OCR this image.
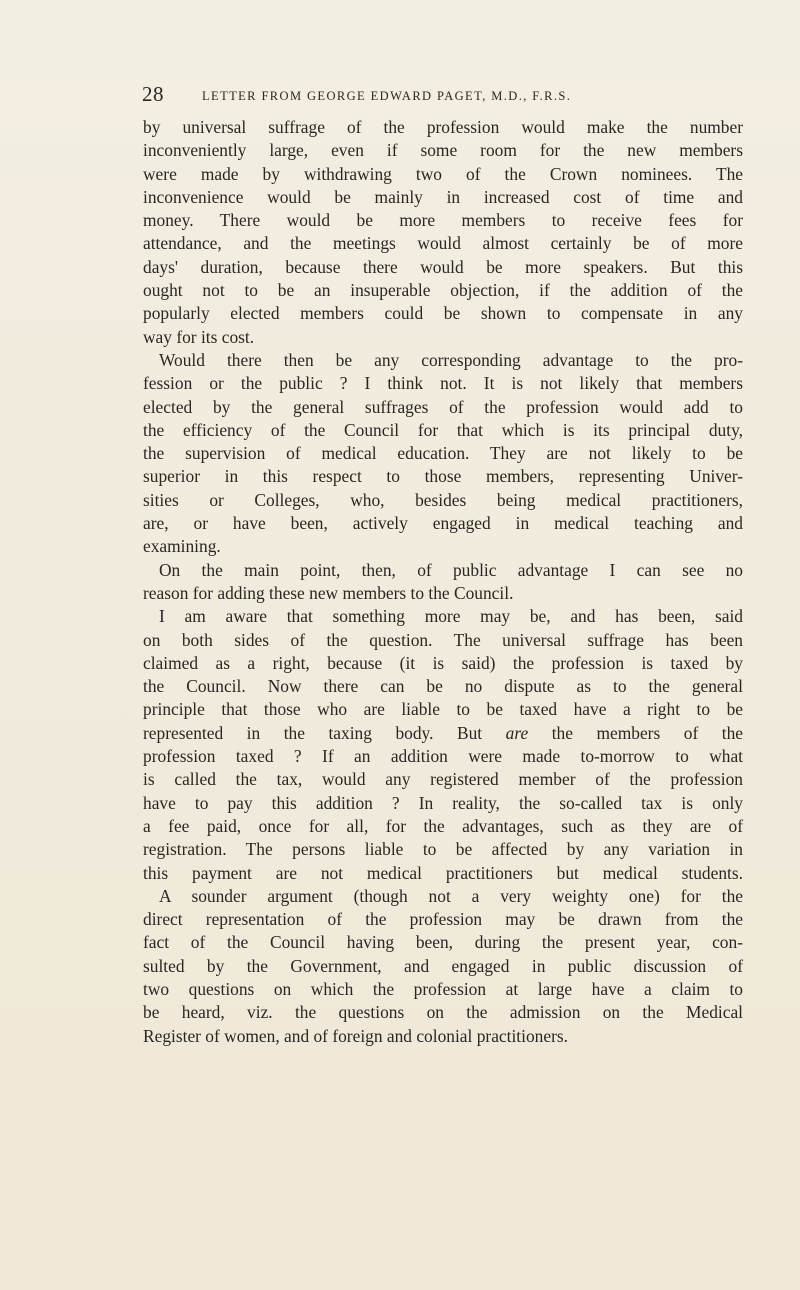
28	LETTER FROM GEORGE EDWARD PAGET, M.D., F.R.S.
by universal suffrage of the profession would make the number
inconveniently large, even if some room for the new members
were made by withdrawing two of the Crown nominees. The
inconvenience would be mainly in increased cost of time and
money. There would be more members to receive fees for
attendance, and the meetings would almost certainly be of more
days' duration, because there would be more speakers. But this
ought not to be an insuperable objection, if the addition of the
popularly elected members could be shown to compensate in any
way for its cost.
Would there then be any corresponding advantage to the pro-
fession or the public ? I think not. It is not likely that members
elected by the general suffrages of the profession would add to
the efficiency of the Council for that which is its principal duty,
the supervision of medical education. They are not likely to be
superior in this respect to those members, representing Univer-
sities or Colleges, who, besides being medical practitioners,
are, or have been, actively engaged in medical teaching and
examining.
On the main point, then, of public advantage I can see no
reason for adding these new members to the Council.
I am aware that something more may be, and has been, said
on both sides of the question. The universal suffrage has been
claimed as a right, because (it is said) the profession is taxed by
the Council. Now there can be no dispute as to the general
principle that those who are liable to be taxed have a right to be
represented in the taxing body. But are the members of the
profession taxed ? If an addition were made to-morrow to what
is called the tax, would any registered member of the profession
have to pay this addition ? In reality, the so-called tax is only
a fee paid, once for all, for the advantages, such as they are of
registration. The persons liable to be affected by any variation in
this payment are not medical practitioners but medical students.
A sounder argument (though not a very weighty one) for the
direct representation of the profession may be drawn from the
fact of the Council having been, during the present year, con-
sulted by the Government, and engaged in public discussion of
two questions on which the profession at large have a claim to
be heard, viz. the questions on the admission on the Medical
Register of women, and of foreign and colonial practitioners.
